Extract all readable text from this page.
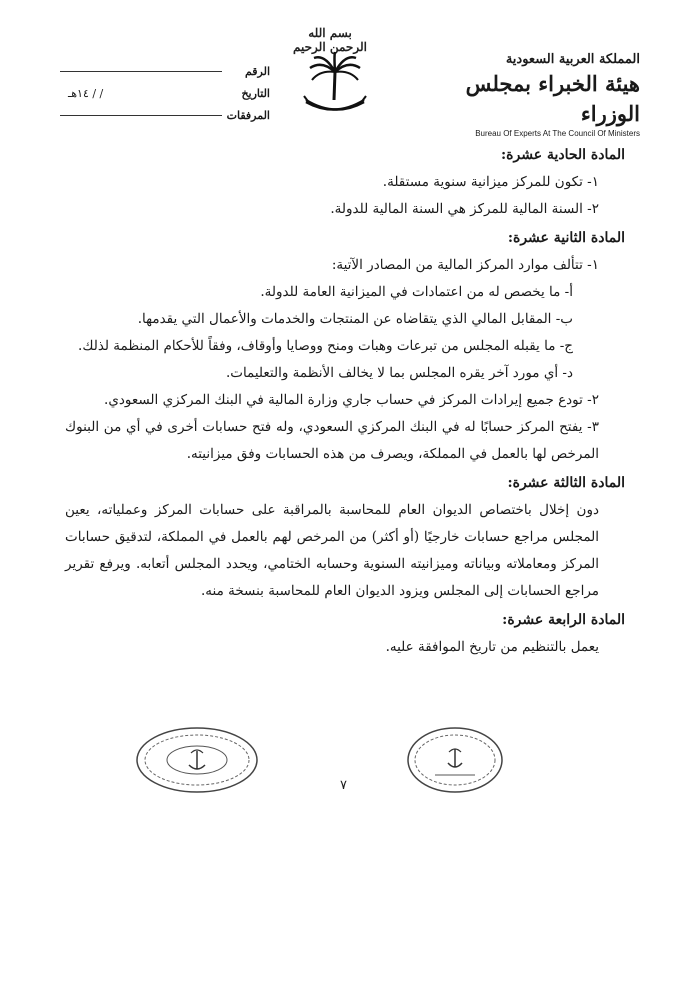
بسم الله الرحمن الرحيم
الرقم
التاريخ
/ / ١٤هـ
المرفقات
المملكة العربية السعودية
هيئة الخبراء بمجلس الوزراء
Bureau Of Experts At The Council Of Ministers
المادة الحادية عشرة:
١- تكون للمركز ميزانية سنوية مستقلة.
٢- السنة المالية للمركز هي السنة المالية للدولة.
المادة الثانية عشرة:
١- تتألف موارد المركز المالية من المصادر الآتية:
أ- ما يخصص له من اعتمادات في الميزانية العامة للدولة.
ب- المقابل المالي الذي يتقاضاه عن المنتجات والخدمات والأعمال التي يقدمها.
ج- ما يقبله المجلس من تبرعات وهبات ومنح ووصايا وأوقاف، وفقاً للأحكام المنظمة لذلك.
د- أي مورد آخر يقره المجلس بما لا يخالف الأنظمة والتعليمات.
٢- تودع جميع إيرادات المركز في حساب جاري وزارة المالية في البنك المركزي السعودي.
٣- يفتح المركز حسابًا له في البنك المركزي السعودي، وله فتح حسابات أخرى في أي من البنوك المرخص لها بالعمل في المملكة، ويصرف من هذه الحسابات وفق ميزانيته.
المادة الثالثة عشرة:
دون إخلال باختصاص الديوان العام للمحاسبة بالمراقبة على حسابات المركز وعملياته، يعين المجلس مراجع حسابات خارجيًا (أو أكثر) من المرخص لهم بالعمل في المملكة، لتدقيق حسابات المركز ومعاملاته وبياناته وميزانيته السنوية وحسابه الختامي، ويحدد المجلس أتعابه. ويرفع تقرير مراجع الحسابات إلى المجلس ويزود الديوان العام للمحاسبة بنسخة منه.
المادة الرابعة عشرة:
يعمل بالتنظيم من تاريخ الموافقة عليه.
٧
